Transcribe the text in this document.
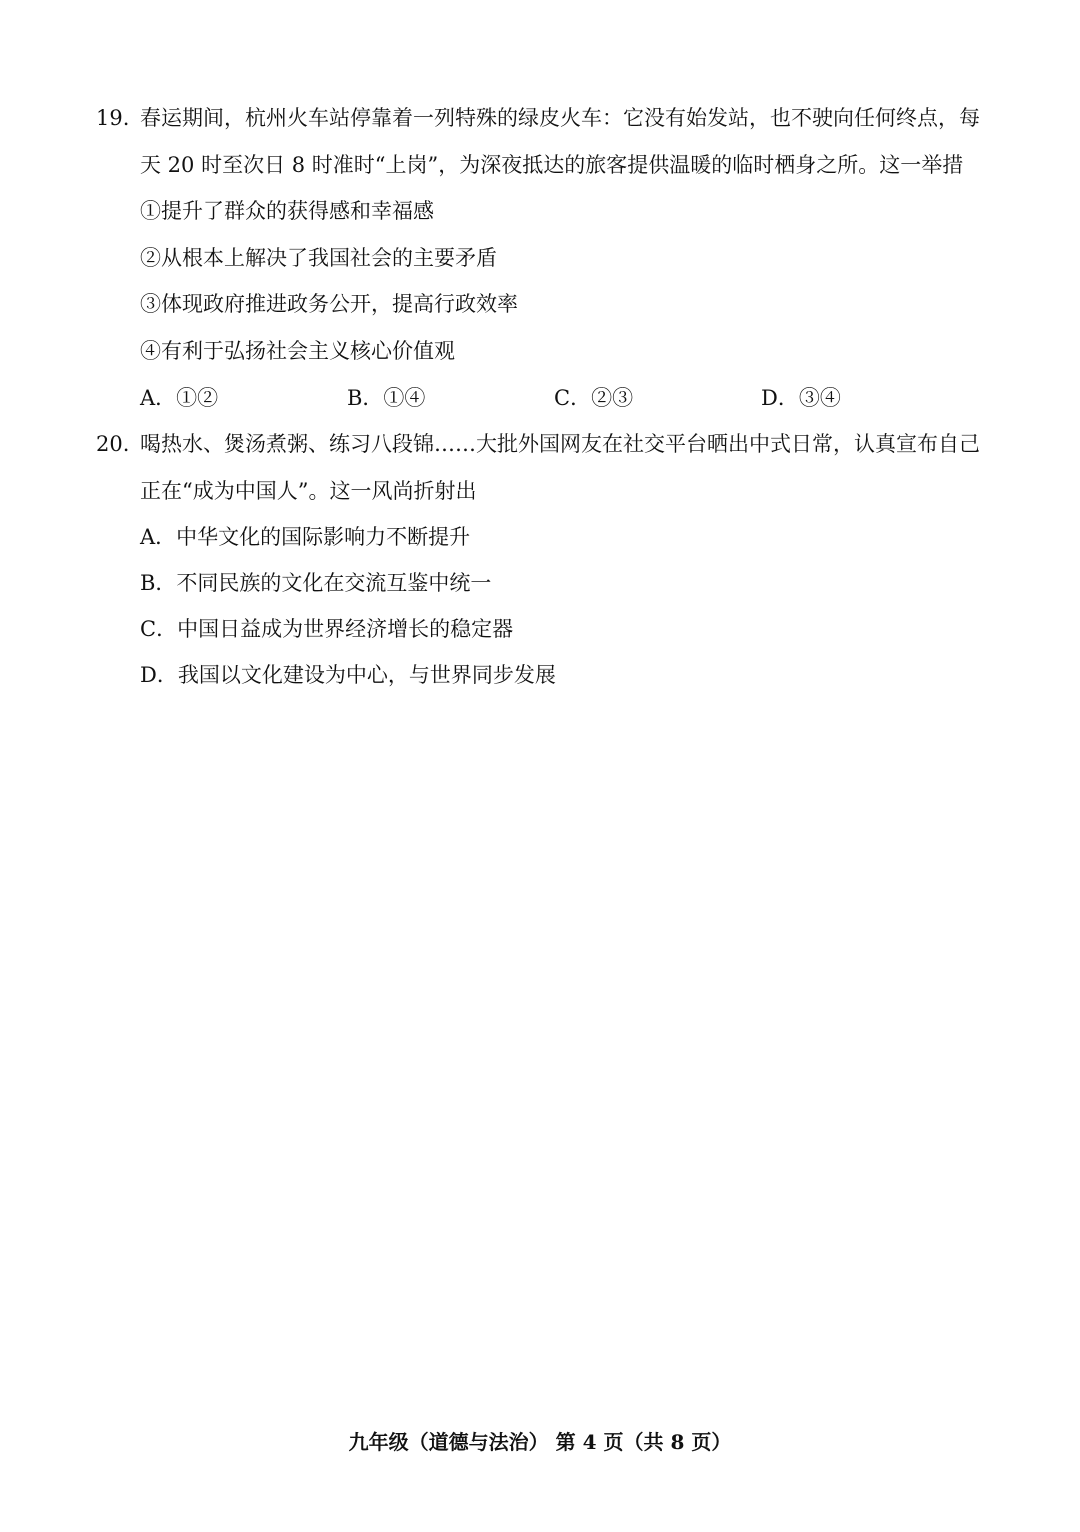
19. 春运期间，杭州火车站停靠着一列特殊的绿皮火车：它没有始发站，也不驶向任何终点，每
天 20 时至次日 8 时准时“上岗”，为深夜抵达的旅客提供温暖的临时栖身之所。这一举措
①提升了群众的获得感和幸福感
②从根本上解决了我国社会的主要矛盾
③体现政府推进政务公开，提高行政效率
④有利于弘扬社会主义核心价值观
A．①②	B．①④	C．②③	D．③④
20. 喝热水、煲汤煮粥、练习八段锦……大批外国网友在社交平台晒出中式日常，认真宣布自己
正在“成为中国人”。这一风尚折射出
A．中华文化的国际影响力不断提升
B．不同民族的文化在交流互鉴中统一
C．中国日益成为世界经济增长的稳定器
D．我国以文化建设为中心，与世界同步发展
九年级（道德与法治） 第 4 页（共 8 页）
